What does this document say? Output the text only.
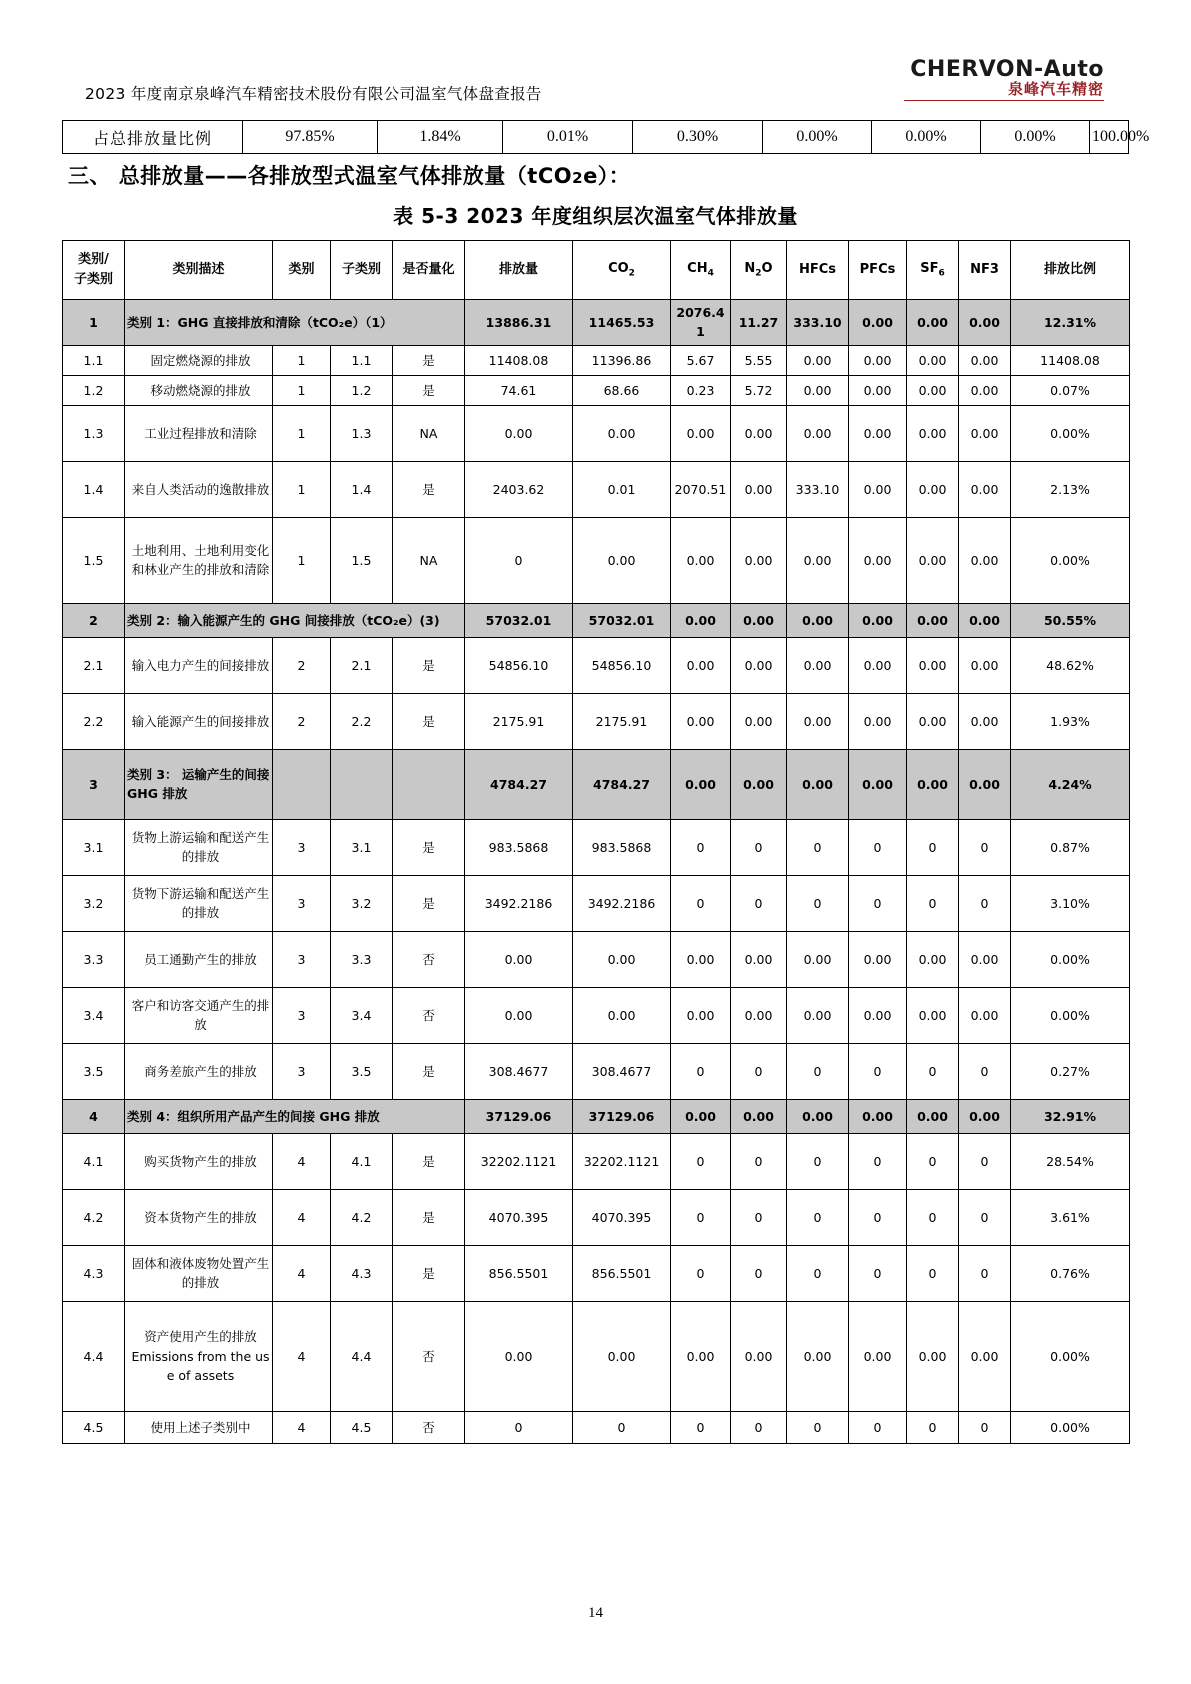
2023 年度南京泉峰汽车精密技术股份有限公司温室气体盘查报告
CHERVON-Auto
泉峰汽车精密
占总排放量比例	97.85%	1.84%	0.01%	0.30%	0.00%	0.00%	0.00%	100.00%
三、 总排放量——各排放型式温室气体排放量（tCO2e）：
表 5-3 2023 年度组织层次温室气体排放量
类别/
子类别	类别描述	类别	子类别	是否量化	排放量	$CO_2$	$CH_4$	$N_2O$	HFCs	PFCs	$SF_6$	NF3	排放比例
1	类别 1：GHG 直接排放和清除（tCO₂e）（1）				13886.31	11465.53	2076.41	11.27	333.10	0.00	0.00	0.00	12.31%
1.1	固定燃烧源的排放	1	1.1	是	11408.08	11396.86	5.67	5.55	0.00	0.00	0.00	0.00	11408.08
1.2	移动燃烧源的排放	1	1.2	是	74.61	68.66	0.23	5.72	0.00	0.00	0.00	0.00	0.07%
1.3	工业过程排放和清除	1	1.3	NA	0.00	0.00	0.00	0.00	0.00	0.00	0.00	0.00	0.00%
1.4	来自人类活动的逸散排放	1	1.4	是	2403.62	0.01	2070.51	0.00	333.10	0.00	0.00	0.00	2.13%
1.5	土地利用、土地利用变化和林业产生的排放和清除	1	1.5	NA	0	0.00	0.00	0.00	0.00	0.00	0.00	0.00	0.00%
2	类别 2：输入能源产生的 GHG 间接排放（tCO₂e）(3)				57032.01	57032.01	0.00	0.00	0.00	0.00	0.00	0.00	50.55%
2.1	输入电力产生的间接排放	2	2.1	是	54856.10	54856.10	0.00	0.00	0.00	0.00	0.00	0.00	48.62%
2.2	输入能源产生的间接排放	2	2.2	是	2175.91	2175.91	0.00	0.00	0.00	0.00	0.00	0.00	1.93%
3	类别 3： 运输产生的间接 GHG 排放				4784.27	4784.27	0.00	0.00	0.00	0.00	0.00	0.00	4.24%
3.1	货物上游运输和配送产生的排放	3	3.1	是	983.5868	983.5868	0	0	0	0	0	0	0.87%
3.2	货物下游运输和配送产生的排放	3	3.2	是	3492.2186	3492.2186	0	0	0	0	0	0	3.10%
3.3	员工通勤产生的排放	3	3.3	否	0.00	0.00	0.00	0.00	0.00	0.00	0.00	0.00	0.00%
3.4	客户和访客交通产生的排放	3	3.4	否	0.00	0.00	0.00	0.00	0.00	0.00	0.00	0.00	0.00%
3.5	商务差旅产生的排放	3	3.5	是	308.4677	308.4677	0	0	0	0	0	0	0.27%
4	类别 4：组织所用产品产生的间接 GHG 排放				37129.06	37129.06	0.00	0.00	0.00	0.00	0.00	0.00	32.91%
4.1	购买货物产生的排放	4	4.1	是	32202.1121	32202.1121	0	0	0	0	0	0	28.54%
4.2	资本货物产生的排放	4	4.2	是	4070.395	4070.395	0	0	0	0	0	0	3.61%
4.3	固体和液体废物处置产生的排放	4	4.3	是	856.5501	856.5501	0	0	0	0	0	0	0.76%
4.4	资产使用产生的排放
Emissions from the use of assets	4	4.4	否	0.00	0.00	0.00	0.00	0.00	0.00	0.00	0.00	0.00%
4.5	使用上述子类别中	4	4.5	否	0	0	0	0	0	0	0	0	0.00%
14
